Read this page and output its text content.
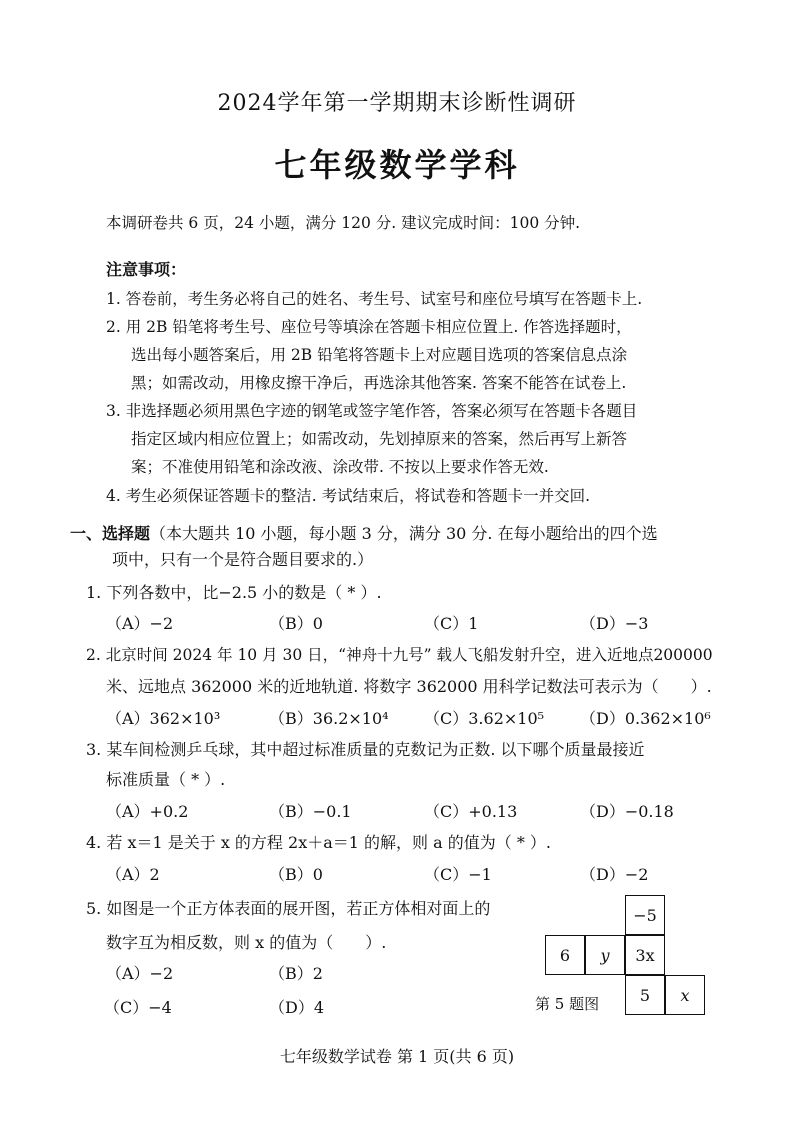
2024学年第一学期期末诊断性调研
七年级数学学科
本调研卷共 6 页，24 小题，满分 120 分. 建议完成时间：100 分钟.
注意事项：
1. 答卷前，考生务必将自己的姓名、考生号、试室号和座位号填写在答题卡上.
2. 用 2B 铅笔将考生号、座位号等填涂在答题卡相应位置上. 作答选择题时，
选出每小题答案后，用 2B 铅笔将答题卡上对应题目选项的答案信息点涂
黑；如需改动，用橡皮擦干净后，再选涂其他答案. 答案不能答在试卷上.
3. 非选择题必须用黑色字迹的钢笔或签字笔作答，答案必须写在答题卡各题目
指定区域内相应位置上；如需改动，先划掉原来的答案，然后再写上新答
案；不准使用铅笔和涂改液、涂改带. 不按以上要求作答无效.
4. 考生必须保证答题卡的整洁. 考试结束后，将试卷和答题卡一并交回.
一、选择题（本大题共 10 小题，每小题 3 分，满分 30 分. 在每小题给出的四个选
项中，只有一个是符合题目要求的.）
1. 下列各数中，比−2.5 小的数是（ * ）.
（A）−2	（B）0	（C）1	（D）−3
2. 北京时间 2024 年 10 月 30 日，“神舟十九号” 载人飞船发射升空，进入近地点200000
米、远地点 362000 米的近地轨道. 将数字 362000 用科学记数法可表示为（　　）.
（A）362×10³	（B）36.2×10⁴ （C）3.62×10⁵ （D）0.362×10⁶
3. 某车间检测乒乓球，其中超过标准质量的克数记为正数. 以下哪个质量最接近
标准质量（ * ）.
（A）+0.2	（B）−0.1	（C）+0.13	（D）−0.18
4. 若 x＝1 是关于 x 的方程 2x＋a＝1 的解，则 a 的值为（ * ）.
（A）2	（B）0	（C）−1	（D）−2
5. 如图是一个正方体表面的展开图，若正方体相对面上的
数字互为相反数，则 x 的值为（　　）.
（A）−2	（B）2
（C）−4	（D）4
−5
6	y	3x
5	x
第 5 题图
七年级数学试卷 第 1 页(共 6 页)
